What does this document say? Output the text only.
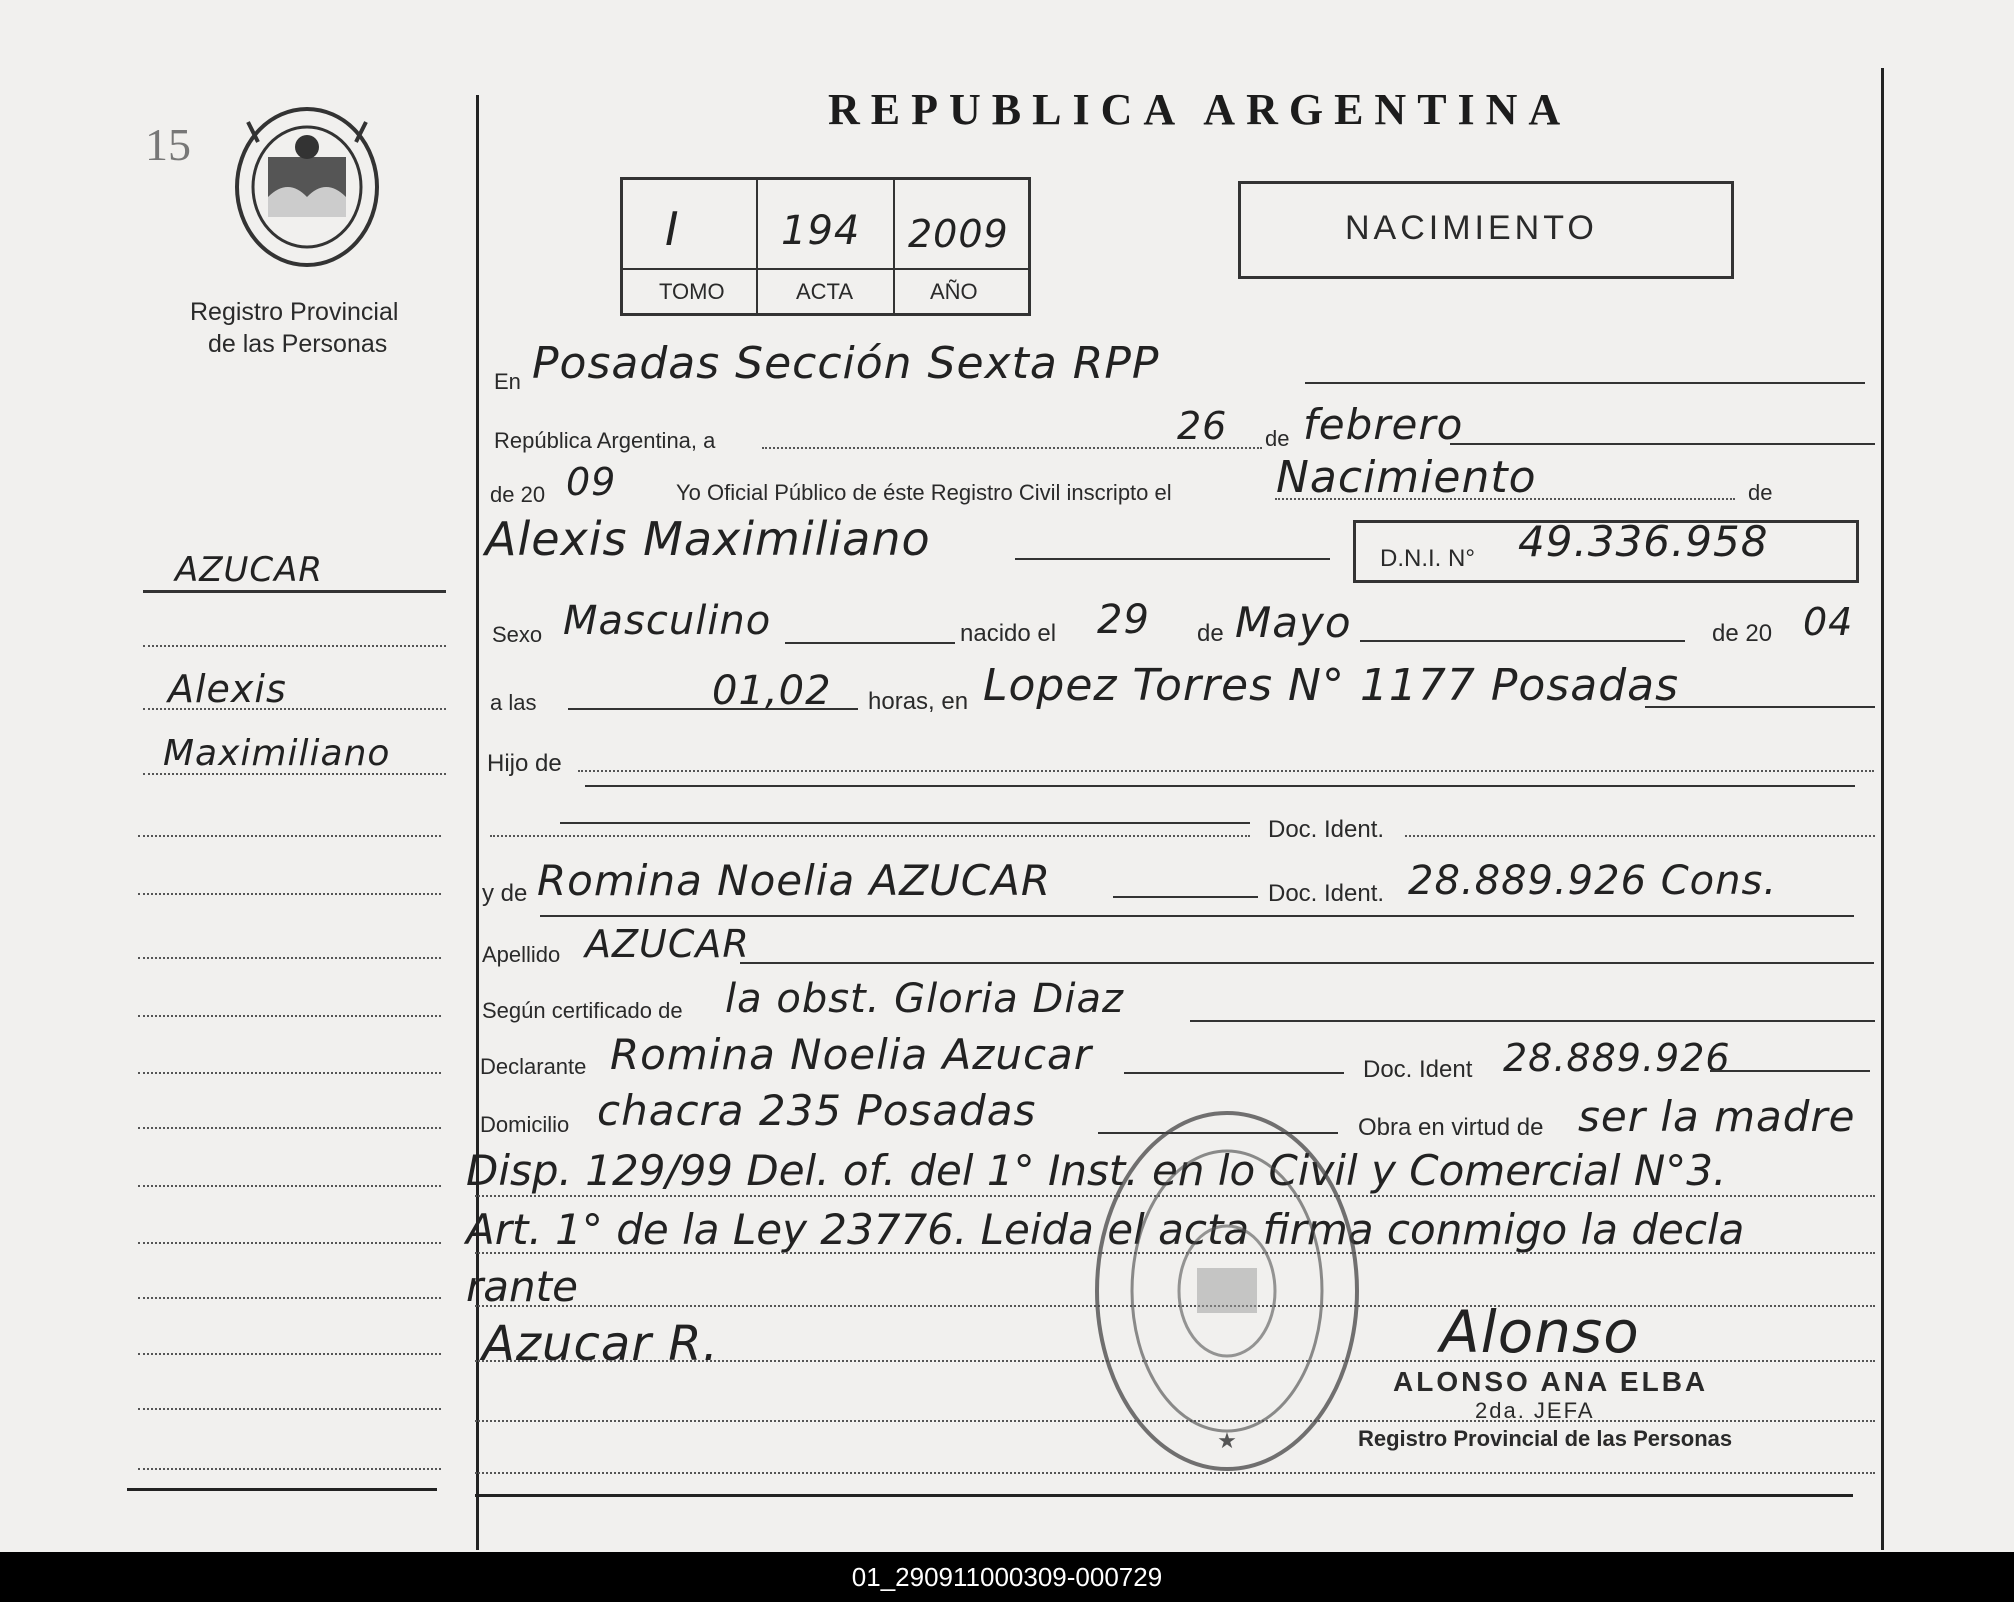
15
Registro Provincial
de las Personas
AZUCAR
Alexis
Maximiliano
REPUBLICA ARGENTINA
I	194 2009
TOMO	ACTA	AÑO
NACIMIENTO
En Posadas Sección Sexta RPP
República Argentina, a	26 de febrero
de 20 09	Yo Oficial Público de éste Registro Civil inscripto el Nacimiento	de
Alexis Maximiliano	D.N.I. N° 49.336.958
Sexo Masculino	nacido el 29 de Mayo	de 20 04
a las	01,02 horas, en Lopez Torres N° 1177 Posadas
Hijo de
Doc. Ident.
y de Romina Noelia AZUCAR	Doc. Ident. 28.889.926 Cons.
Apellido AZUCAR
Según certificado de la obst. Gloria Diaz
Declarante Romina Noelia Azucar	Doc. Ident 28.889.926
Domicilio chacra 235 Posadas	Obra en virtud de ser la madre
Disp. 129/99 Del. of. del 1° Inst. en lo Civil y Comercial N°3.
Art. 1° de la Ley 23776. Leida el acta firma conmigo la decla
rante
Azucar R.
★
Alonso
ALONSO ANA ELBA
2da. JEFA
Registro Provincial de las Personas
01_290911000309-000729
